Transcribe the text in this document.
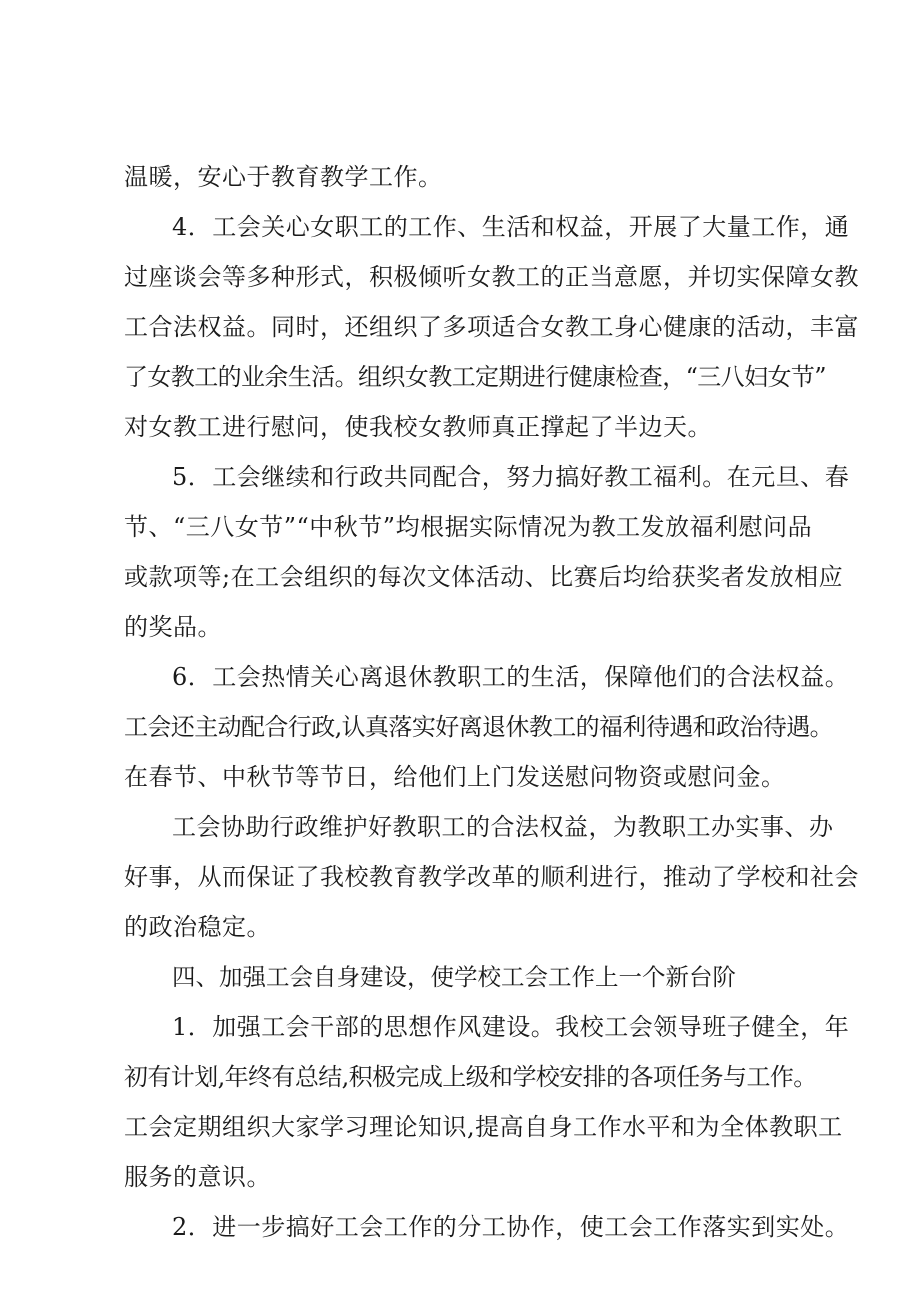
温暖，安心于教育教学工作。
4．工会关心女职工的工作、生活和权益，开展了大量工作，通
过座谈会等多种形式，积极倾听女教工的正当意愿，并切实保障女教
工合法权益。同时，还组织了多项适合女教工身心健康的活动，丰富
了女教工的业余生活。组织女教工定期进行健康检查，“三八妇女节”
对女教工进行慰问，使我校女教师真正撑起了半边天。
5．工会继续和行政共同配合，努力搞好教工福利。在元旦、春
节、“三八女节”“中秋节”均根据实际情况为教工发放福利慰问品
或款项等;在工会组织的每次文体活动、比赛后均给获奖者发放相应
的奖品。
6．工会热情关心离退休教职工的生活，保障他们的合法权益。
工会还主动配合行政,认真落实好离退休教工的福利待遇和政治待遇。
在春节、中秋节等节日，给他们上门发送慰问物资或慰问金。
工会协助行政维护好教职工的合法权益，为教职工办实事、办
好事，从而保证了我校教育教学改革的顺利进行，推动了学校和社会
的政治稳定。
四、加强工会自身建设，使学校工会工作上一个新台阶
1．加强工会干部的思想作风建设。我校工会领导班子健全，年
初有计划,年终有总结,积极完成上级和学校安排的各项任务与工作。
工会定期组织大家学习理论知识,提高自身工作水平和为全体教职工
服务的意识。
2．进一步搞好工会工作的分工协作，使工会工作落实到实处。
